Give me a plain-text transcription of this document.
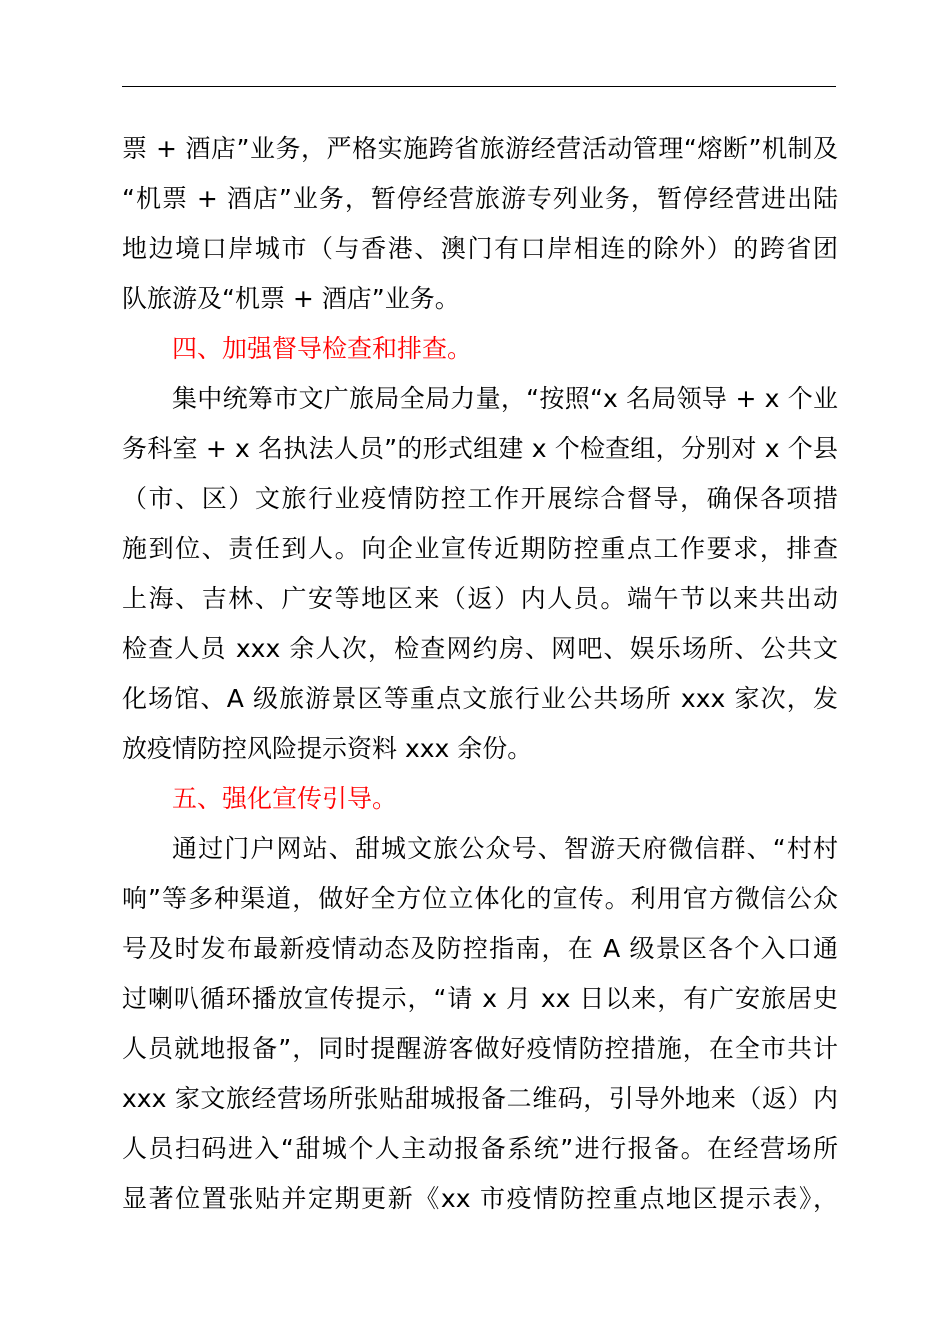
票 + 酒店”业务，严格实施跨省旅游经营活动管理“熔断”机制及
“机票 + 酒店”业务，暂停经营旅游专列业务，暂停经营进出陆
地边境口岸城市（与香港、澳门有口岸相连的除外）的跨省团
队旅游及“机票 + 酒店”业务。
四、加强督导检查和排查。
集中统筹市文广旅局全局力量，“按照“x 名局领导 + x 个业
务科室 + x 名执法人员”的形式组建 x 个检查组，分别对 x 个县
（市、区）文旅行业疫情防控工作开展综合督导，确保各项措
施到位、责任到人。向企业宣传近期防控重点工作要求，排查
上海、吉林、广安等地区来（返）内人员。端午节以来共出动
检查人员 xxx 余人次，检查网约房、网吧、娱乐场所、公共文
化场馆、A 级旅游景区等重点文旅行业公共场所 xxx 家次，发
放疫情防控风险提示资料 xxx 余份。
五、强化宣传引导。
通过门户网站、甜城文旅公众号、智游天府微信群、“村村
响”等多种渠道，做好全方位立体化的宣传。利用官方微信公众
号及时发布最新疫情动态及防控指南，在 A 级景区各个入口通
过喇叭循环播放宣传提示，“请 x 月 xx 日以来，有广安旅居史
人员就地报备”，同时提醒游客做好疫情防控措施，在全市共计
xxx 家文旅经营场所张贴甜城报备二维码，引导外地来（返）内
人员扫码进入“甜城个人主动报备系统”进行报备。在经营场所
显著位置张贴并定期更新《xx 市疫情防控重点地区提示表》，
